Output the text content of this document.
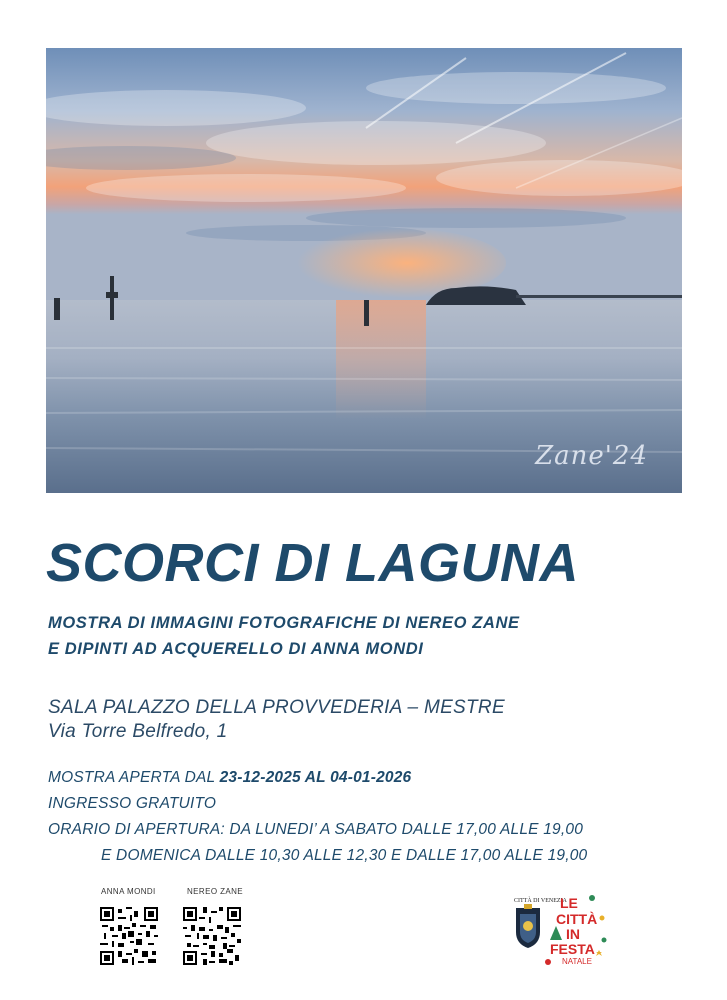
Zane'24
SCORCI DI LAGUNA
MOSTRA DI IMMAGINI FOTOGRAFICHE DI NEREO ZANE
E DIPINTI AD ACQUERELLO DI ANNA MONDI
SALA PALAZZO DELLA PROVVEDERIA – MESTRE
Via Torre Belfredo, 1
MOSTRA APERTA DAL 23-12-2025 AL 04-01-2026
INGRESSO GRATUITO
ORARIO DI APERTURA: DA LUNEDI’ A SABATO DALLE 17,00 ALLE 19,00
E DOMENICA DALLE 10,30 ALLE 12,30 E DALLE 17,00 ALLE 19,00
ANNA MONDI	NEREO ZANE
CITTÀ DI VENEZIA
LE
CITTÀ
IN
FESTA
NATALE
